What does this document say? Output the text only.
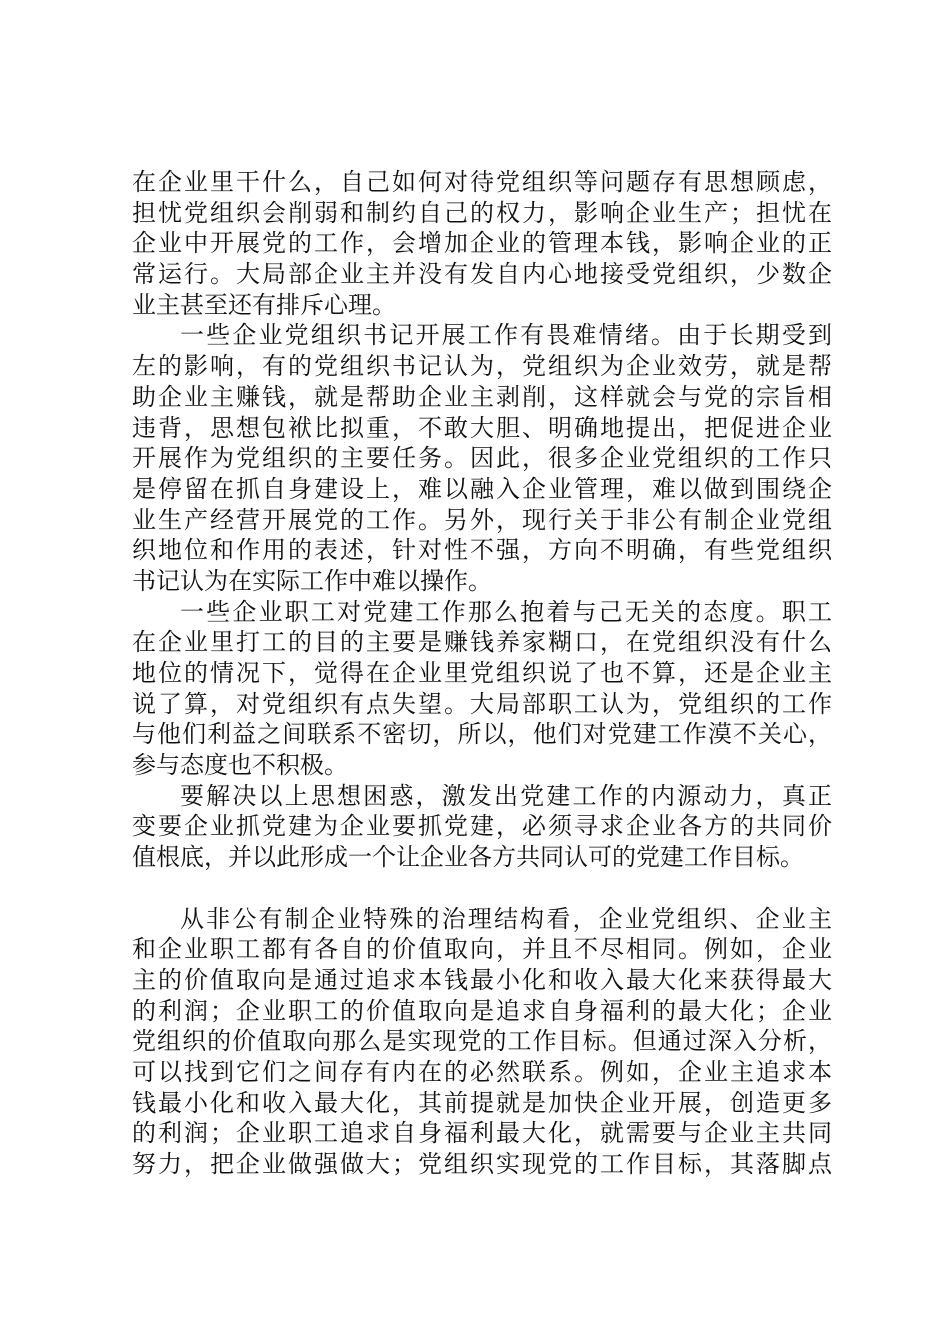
在企业里干什么，自己如何对待党组织等问题存有思想顾虑，
担忧党组织会削弱和制约自己的权力，影响企业生产；担忧在
企业中开展党的工作，会增加企业的管理本钱，影响企业的正
常运行。大局部企业主并没有发自内心地接受党组织，少数企
业主甚至还有排斥心理。
一些企业党组织书记开展工作有畏难情绪。由于长期受到
左的影响，有的党组织书记认为，党组织为企业效劳，就是帮
助企业主赚钱，就是帮助企业主剥削，这样就会与党的宗旨相
违背，思想包袱比拟重，不敢大胆、明确地提出，把促进企业
开展作为党组织的主要任务。因此，很多企业党组织的工作只
是停留在抓自身建设上，难以融入企业管理，难以做到围绕企
业生产经营开展党的工作。另外，现行关于非公有制企业党组
织地位和作用的表述，针对性不强，方向不明确，有些党组织
书记认为在实际工作中难以操作。
一些企业职工对党建工作那么抱着与己无关的态度。职工
在企业里打工的目的主要是赚钱养家糊口，在党组织没有什么
地位的情况下，觉得在企业里党组织说了也不算，还是企业主
说了算，对党组织有点失望。大局部职工认为，党组织的工作
与他们利益之间联系不密切，所以，他们对党建工作漠不关心，
参与态度也不积极。
要解决以上思想困惑，激发出党建工作的内源动力，真正
变要企业抓党建为企业要抓党建，必须寻求企业各方的共同价
值根底，并以此形成一个让企业各方共同认可的党建工作目标。
从非公有制企业特殊的治理结构看，企业党组织、企业主
和企业职工都有各自的价值取向，并且不尽相同。例如，企业
主的价值取向是通过追求本钱最小化和收入最大化来获得最大
的利润；企业职工的价值取向是追求自身福利的最大化；企业
党组织的价值取向那么是实现党的工作目标。但通过深入分析，
可以找到它们之间存有内在的必然联系。例如，企业主追求本
钱最小化和收入最大化，其前提就是加快企业开展，创造更多
的利润；企业职工追求自身福利最大化，就需要与企业主共同
努力，把企业做强做大；党组织实现党的工作目标，其落脚点
